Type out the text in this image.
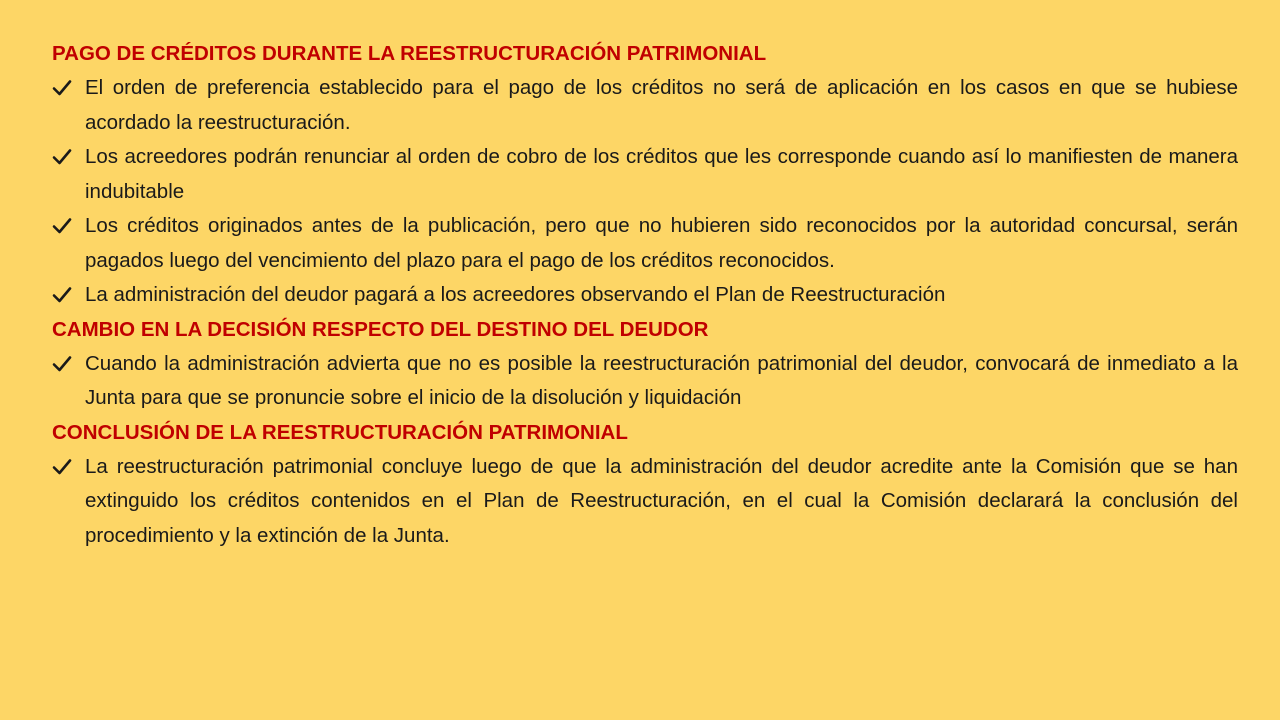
PAGO DE CRÉDITOS DURANTE LA REESTRUCTURACIÓN PATRIMONIAL

El orden de preferencia establecido para el pago de los créditos no será de aplicación en los casos en que se hubiese acordado la reestructuración.

Los acreedores podrán renunciar al orden de cobro de los créditos que les corresponde cuando así lo manifiesten de manera indubitable

Los créditos originados antes de la publicación, pero que no hubieren sido reconocidos por la autoridad concursal, serán pagados luego del vencimiento del plazo para el pago de los créditos reconocidos.

La administración del deudor pagará a los acreedores observando el Plan de Reestructuración

CAMBIO EN LA DECISIÓN RESPECTO DEL DESTINO DEL DEUDOR

Cuando la administración advierta que no es posible la reestructuración patrimonial del deudor, convocará de inmediato a la Junta para que se pronuncie sobre el inicio de la disolución y liquidación

CONCLUSIÓN DE LA REESTRUCTURACIÓN PATRIMONIAL

La reestructuración patrimonial concluye luego de que la administración del deudor acredite ante la Comisión que se han extinguido los créditos contenidos en el Plan de Reestructuración, en el cual la Comisión declarará la conclusión del procedimiento y la extinción de la Junta.
